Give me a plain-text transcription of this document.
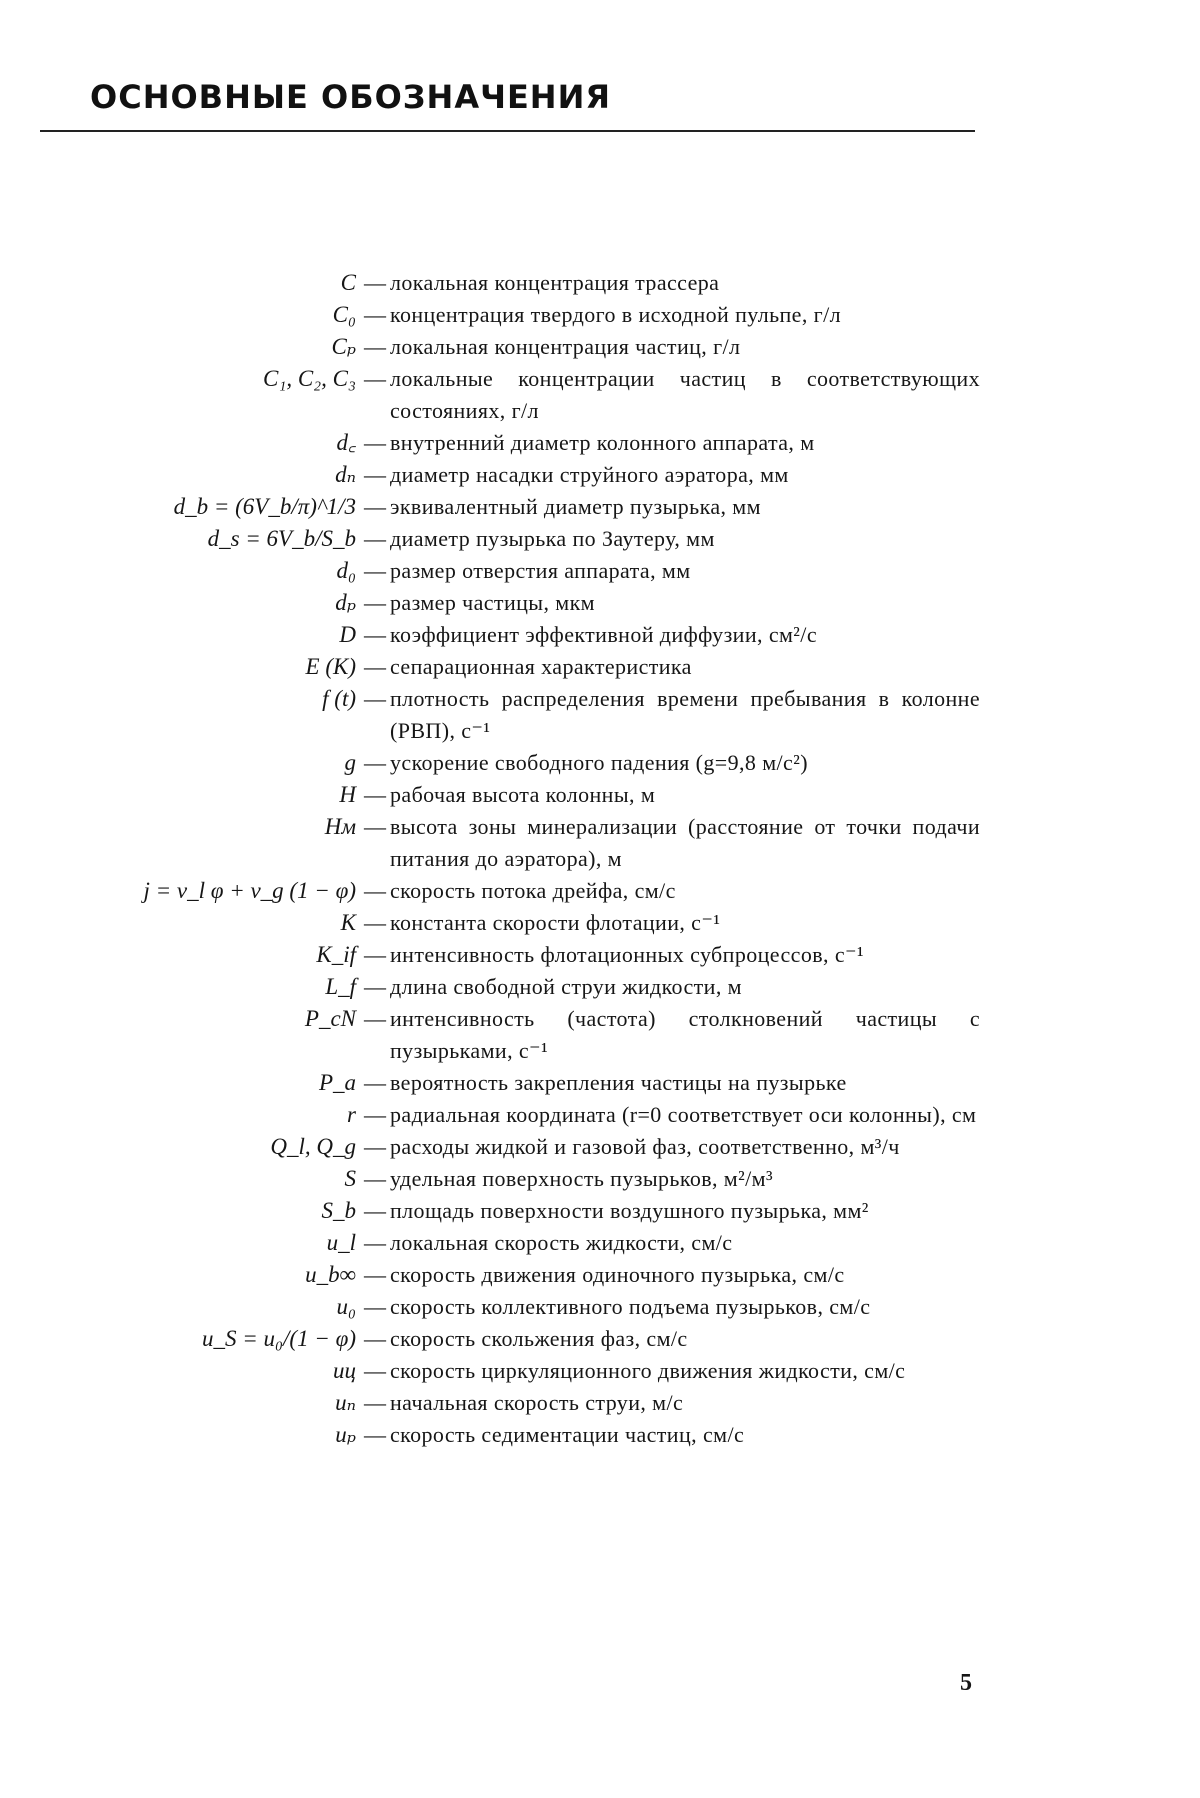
ОСНОВНЫЕ ОБОЗНАЧЕНИЯ
C — локальная концентрация трассера
C₀ — концентрация твердого в исходной пульпе, г/л
Cₚ — локальная концентрация частиц, г/л
C₁, C₂, C₃ — локальные концентрации частиц в соответствующих состояниях, г/л
d꜀ — внутренний диаметр колонного аппарата, м
dₙ — диаметр насадки струйного аэратора, мм
d_b = (6V_b/π)^1/3 — эквивалентный диаметр пузырька, мм
d_s = 6V_b/S_b — диаметр пузырька по Заутеру, мм
d₀ — размер отверстия аппарата, мм
dₚ — размер частицы, мкм
D — коэффициент эффективной диффузии, см²/с
E (K) — сепарационная характеристика
f (t) — плотность распределения времени пребывания в колонне (РВП), с⁻¹
g — ускорение свободного падения (g=9,8 м/с²)
H — рабочая высота колонны, м
Hм — высота зоны минерализации (расстояние от точки подачи питания до аэратора), м
j = v_l φ + v_g (1 − φ) — скорость потока дрейфа, см/с
K — константа скорости флотации, с⁻¹
K_if — интенсивность флотационных субпроцессов, с⁻¹
L_f — длина свободной струи жидкости, м
P_cN — интенсивность (частота) столкновений частицы с пузырьками, с⁻¹
P_a — вероятность закрепления частицы на пузырьке
r — радиальная координата (r=0 соответствует оси колонны), см
Q_l, Q_g — расходы жидкой и газовой фаз, соответственно, м³/ч
S — удельная поверхность пузырьков, м²/м³
S_b — площадь поверхности воздушного пузырька, мм²
u_l — локальная скорость жидкости, см/с
u_b∞ — скорость движения одиночного пузырька, см/с
u₀ — скорость коллективного подъема пузырьков, см/с
u_S = u₀/(1 − φ) — скорость скольжения фаз, см/с
uц — скорость циркуляционного движения жидкости, см/с
uₙ — начальная скорость струи, м/с
uₚ — скорость седиментации частиц, см/с
5
